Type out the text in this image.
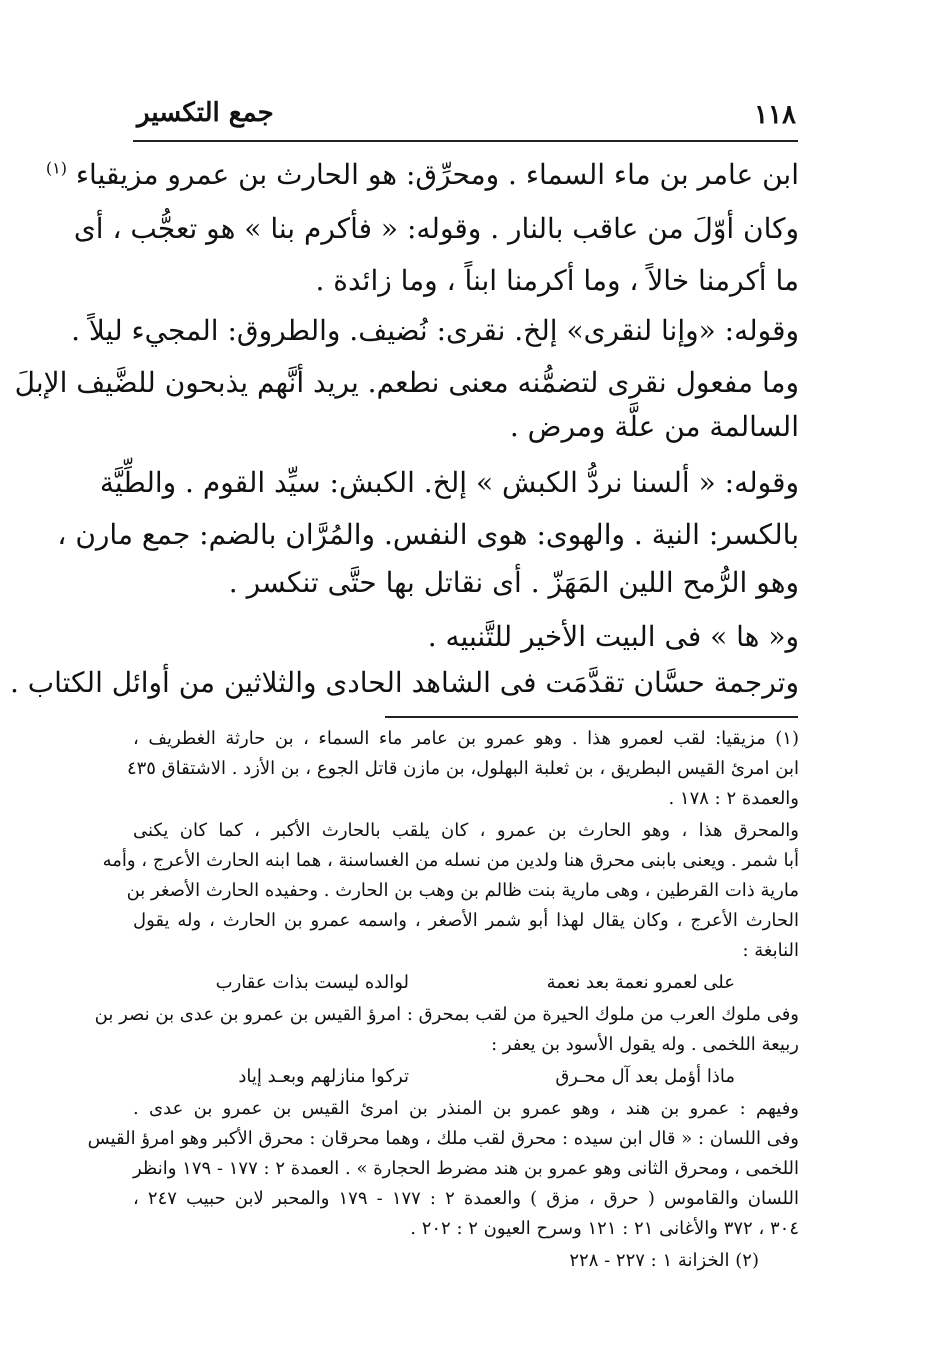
١١٨
جمع التكسير
ابن عامر بن ماء السماء . ومحرِّق: هو الحارث بن عمرو مزيقياء $^{(١)}$
وكان أوّلَ من عاقب بالنار . وقوله: « فأكرم بنا » هو تعجُّب ، أى
ما أكرمنا خالاً ، وما أكرمنا ابناً ، وما زائدة .
وقوله: «وإنا لنقرى» إلخ. نقرى: نُضيف. والطروق: المجيء ليلاً .
وما مفعول نقرى لتضمُّنه معنى نطعم. يريد أنَّهم يذبحون للضَّيف الإبلَ
السالمة من علَّة ومرض .
وقوله: « ألسنا نردُّ الكبش » إلخ. الكبش: سيِّد القوم . والطِّيَّة
بالكسر: النية . والهوى: هوى النفس. والمُرَّان بالضم: جمع مارن ،
وهو الرُّمح اللين المَهَزّ . أى نقاتل بها حتَّى تنكسر .
و« ها » فى البيت الأخير للتَّنبيه .
وترجمة حسَّان تقدَّمَت فى الشاهد الحادى والثلاثين من أوائل الكتاب .
(١) مزيقيا: لقب لعمرو هذا . وهو عمرو بن عامر ماء السماء ، بن حارثة الغطريف ،
ابن امرئ القيس البطريق ، بن ثعلبة البهلول، بن مازن قاتل الجوع ، بن الأزد . الاشتقاق ٤٣٥
والعمدة ٢ : ١٧٨ .
والمحرق هذا ، وهو الحارث بن عمرو ، كان يلقب بالحارث الأكبر ، كما كان يكنى
أبا شمر . ويعنى بابنى محرق هنا ولدين من نسله من الغساسنة ، هما ابنه الحارث الأعرج ، وأمه
مارية ذات القرطين ، وهى مارية بنت ظالم بن وهب بن الحارث . وحفيده الحارث الأصغر بن
الحارث الأعرج ، وكان يقال لهذا أبو شمر الأصغر ، واسمه عمرو بن الحارث ، وله يقول
النابغة :
على لعمرو نعمة بعد نعمة
لوالده ليست بذات عقارب
وفى ملوك العرب من ملوك الحيرة من لقب بمحرق : امرؤ القيس بن عمرو بن عدى بن نصر بن
ربيعة اللخمى . وله يقول الأسود بن يعفر :
ماذا أؤمل بعد آل محـرق
تركوا منازلهم وبعـد إياد
وفيهم : عمرو بن هند ، وهو عمرو بن المنذر بن امرئ القيس بن عمرو بن عدى .
وفى اللسان : « قال ابن سيده : محرق لقب ملك ، وهما محرقان : محرق الأكبر وهو امرؤ القيس
اللخمى ، ومحرق الثانى وهو عمرو بن هند مضرط الحجارة » . العمدة ٢ : ١٧٧ - ١٧٩ وانظر
اللسان والقاموس ( حرق ، مزق ) والعمدة ٢ : ١٧٧ - ١٧٩ والمحبر لابن حبيب ٢٤٧ ،
٣٠٤ ، ٣٧٢ والأغانى ٢١ : ١٢١ وسرح العيون ٢ : ٢٠٢ .
(٢) الخزانة ١ : ٢٢٧ - ٢٢٨
